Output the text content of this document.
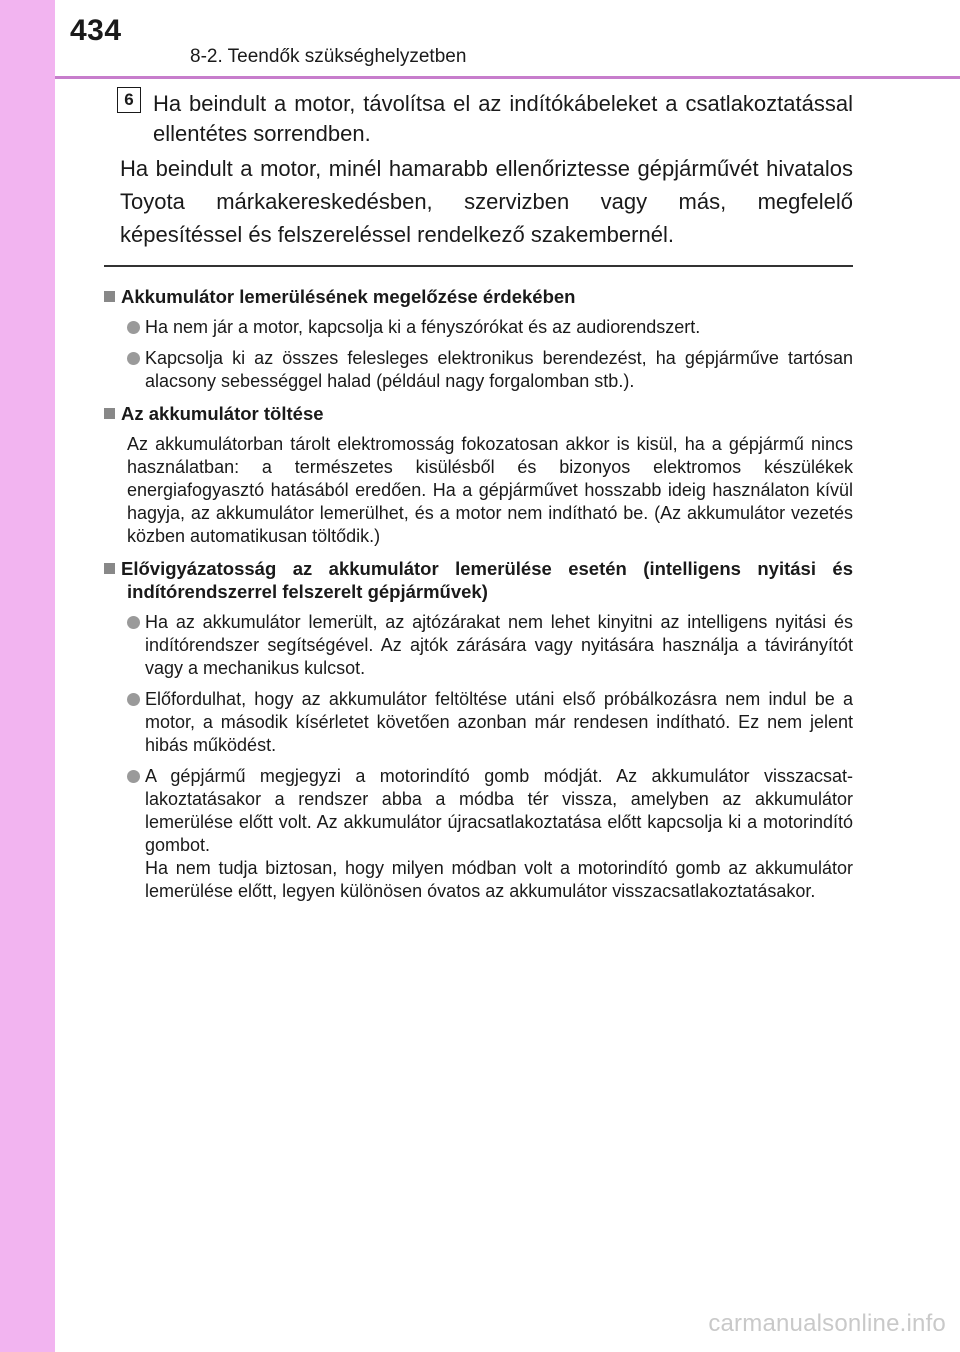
434
8-2. Teendők szükséghelyzetben
6 Ha beindult a motor, távolítsa el az indítókábeleket a csatlakoztatással ellentétes sorrendben.
Ha beindult a motor, minél hamarabb ellenőriztesse gépjárművét hivatalos Toyota márkakereskedésben, szervizben vagy más, megfelelő képesítéssel és felszereléssel rendelkező szakembernél.

Akkumulátor lemerülésének megelőzése érdekében

Ha nem jár a motor, kapcsolja ki a fényszórókat és az audiorendszert.

Kapcsolja ki az összes felesleges elektronikus berendezést, ha gépjárműve tartósan alacsony sebességgel halad (például nagy forgalomban stb.).

Az akkumulátor töltése

Az akkumulátorban tárolt elektromosság fokozatosan akkor is kisül, ha a gépjármű nincs használatban: a természetes kisülésből és bizonyos elektromos készülékek energiafogyasztó hatásából eredően. Ha a gépjárművet hosszabb ideig használaton kívül hagyja, az akkumulátor lemerülhet, és a motor nem indítható be. (Az akkumulátor vezetés közben automatikusan töltődik.)

Elővigyázatosság az akkumulátor lemerülése esetén (intelligens nyitási és indítórendszerrel felszerelt gépjárművek)

Ha az akkumulátor lemerült, az ajtózárakat nem lehet kinyitni az intelligens nyitási és indítórendszer segítségével. Az ajtók zárására vagy nyitására használja a távirányítót vagy a mechanikus kulcsot.

Előfordulhat, hogy az akkumulátor feltöltése utáni első próbálkozásra nem indul be a motor, a második kísérletet követően azonban már rendesen indítható. Ez nem jelent hibás működést.

A gépjármű megjegyzi a motorindító gomb módját. Az akkumulátor visszacsatlakoztatásakor a rendszer abba a módba tér vissza, amelyben az akkumulátor lemerülése előtt volt. Az akkumulátor újracsatlakoztatása előtt kapcsolja ki a motorindító gombot.
Ha nem tudja biztosan, hogy milyen módban volt a motorindító gomb az akkumulátor lemerülése előtt, legyen különösen óvatos az akkumulátor visszacsatlakoztatásakor.

carmanualsonline.info
